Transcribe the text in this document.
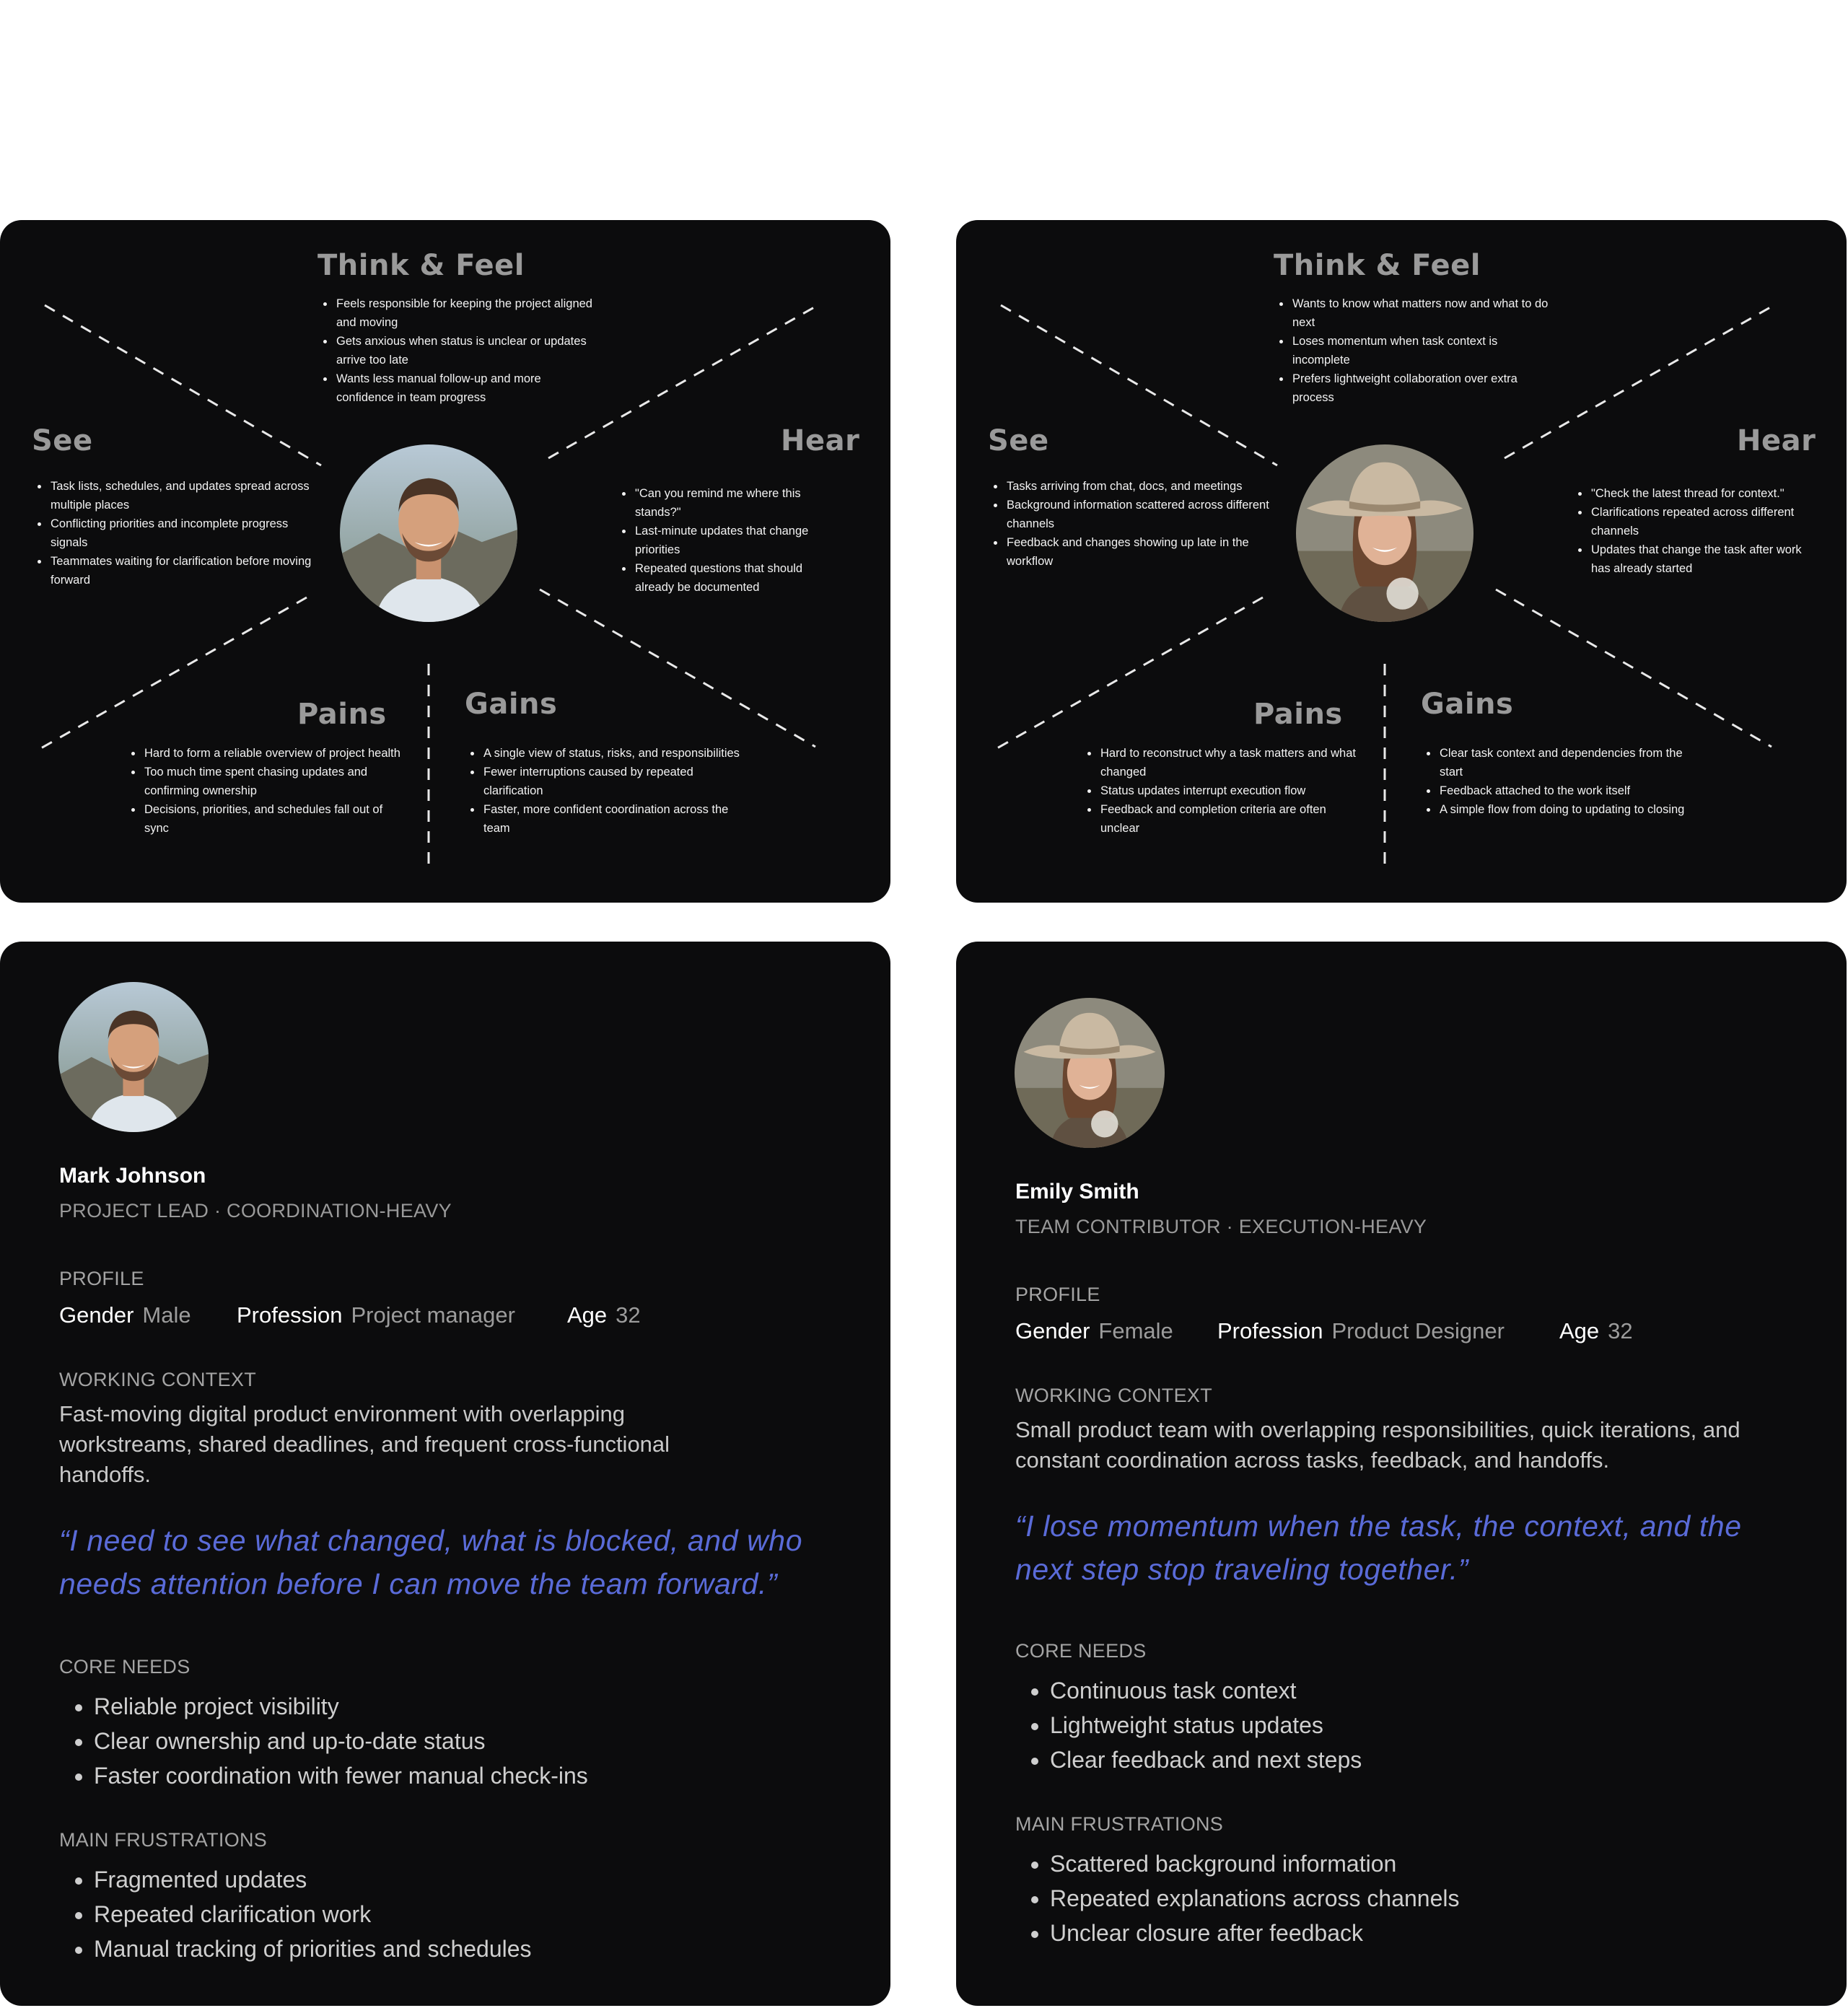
Think & Feel
• Feels responsible for keeping the project aligned and moving
• Gets anxious when status is unclear or updates arrive too late
• Wants less manual follow-up and more confidence in team progress
See
• Task lists, schedules, and updates spread across multiple places
• Conflicting priorities and incomplete progress signals
• Teammates waiting for clarification before moving forward
Hear
• "Can you remind me where this stands?"
• Last-minute updates that change priorities
• Repeated questions that should already be documented
Pains
• Hard to form a reliable overview of project health
• Too much time spent chasing updates and confirming ownership
• Decisions, priorities, and schedules fall out of sync
Gains
• A single view of status, risks, and responsibilities
• Fewer interruptions caused by repeated clarification
• Faster, more confident coordination across the team
Think & Feel
• Wants to know what matters now and what to do next
• Loses momentum when task context is incomplete
• Prefers lightweight collaboration over extra process
See
• Tasks arriving from chat, docs, and meetings
• Background information scattered across different channels
• Feedback and changes showing up late in the workflow
Hear
• "Check the latest thread for context."
• Clarifications repeated across different channels
• Updates that change the task after work has already started
Pains
• Hard to reconstruct why a task matters and what changed
• Status updates interrupt execution flow
• Feedback and completion criteria are often unclear
Gains
• Clear task context and dependencies from the start
• Feedback attached to the work itself
• A simple flow from doing to updating to closing
Mark Johnson

PROJECT LEAD · COORDINATION-HEAVY

PROFILE

Gender Male Profession Project manager Age 32

WORKING CONTEXT

Fast-moving digital product environment with overlapping workstreams, shared deadlines, and frequent cross-functional handoffs.

“I need to see what changed, what is blocked, and who needs attention before I can move the team forward.”

CORE NEEDS

• Reliable project visibility
• Clear ownership and up-to-date status
• Faster coordination with fewer manual check-ins

MAIN FRUSTRATIONS

• Fragmented updates
• Repeated clarification work
• Manual tracking of priorities and schedules
Emily Smith

TEAM CONTRIBUTOR · EXECUTION-HEAVY

PROFILE

Gender Female Profession Product Designer Age 32

WORKING CONTEXT

Small product team with overlapping responsibilities, quick iterations, and constant coordination across tasks, feedback, and handoffs.

“I lose momentum when the task, the context, and the next step stop traveling together.”

CORE NEEDS

• Continuous task context
• Lightweight status updates
• Clear feedback and next steps

MAIN FRUSTRATIONS

• Scattered background information
• Repeated explanations across channels
• Unclear closure after feedback
